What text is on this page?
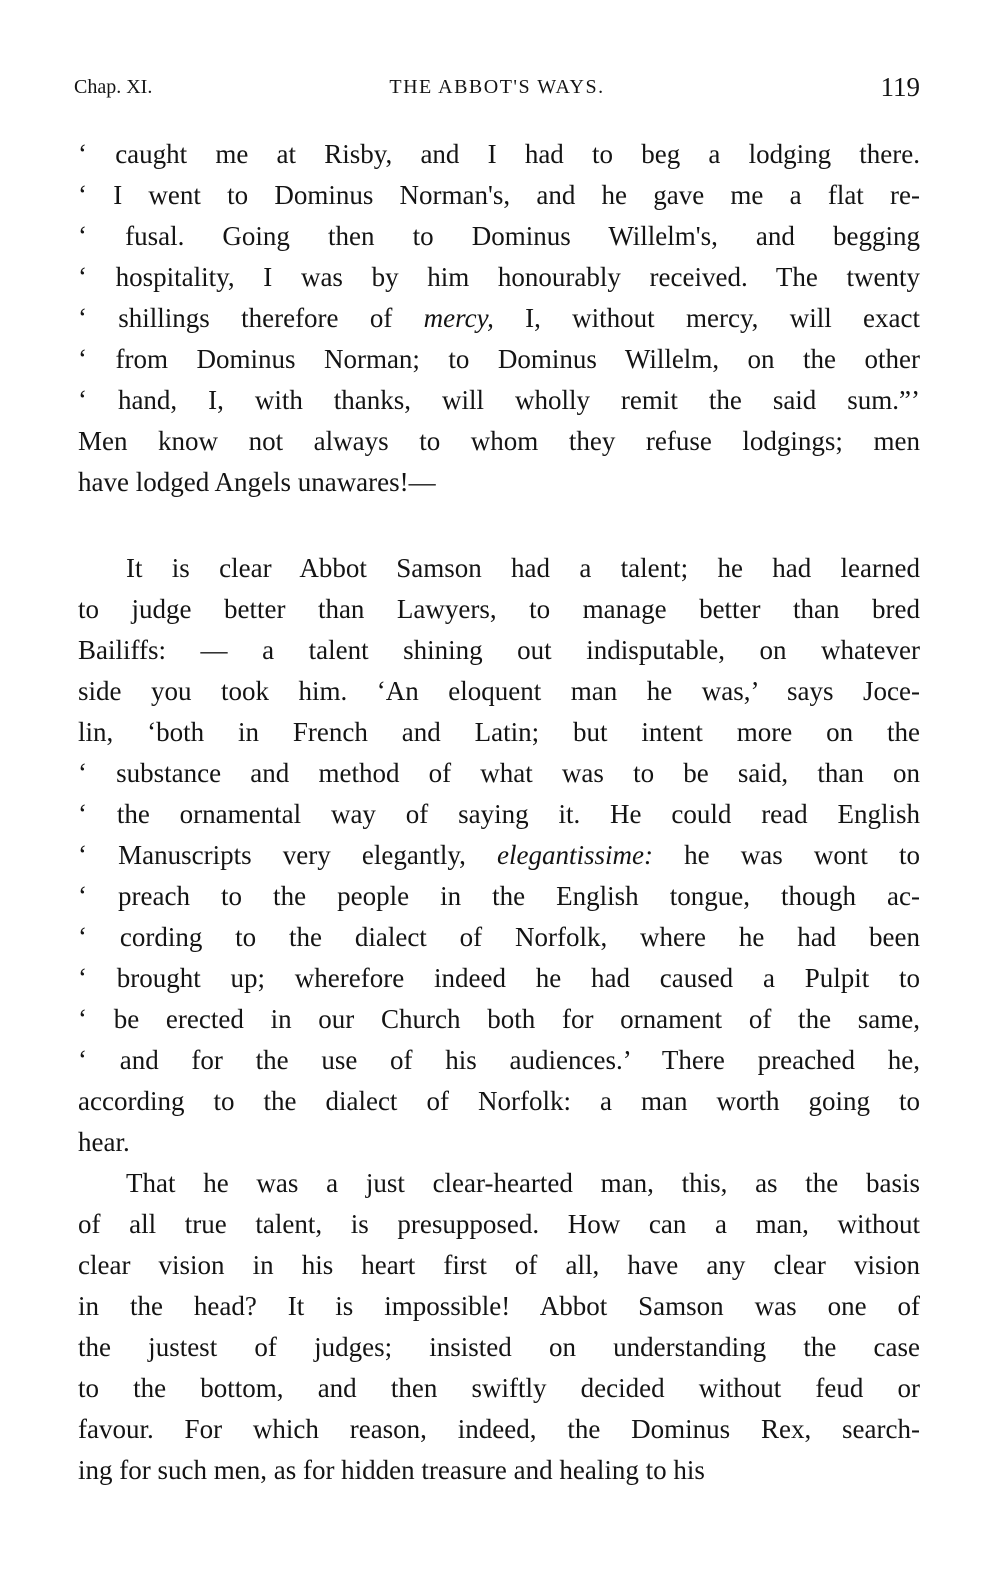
Chap. XI.	THE ABBOT'S WAYS.	119
‘ caught me at Risby, and I had to beg a lodging there.
‘ I went to Dominus Norman's, and he gave me a flat re-
‘ fusal. Going then to Dominus Willelm's, and begging
‘ hospitality, I was by him honourably received. The twenty
‘ shillings therefore of mercy, I, without mercy, will exact
‘ from Dominus Norman; to Dominus Willelm, on the other
‘ hand, I, with thanks, will wholly remit the said sum.”’
Men know not always to whom they refuse lodgings; men
have lodged Angels unawares!—
It is clear Abbot Samson had a talent; he had learned
to judge better than Lawyers, to manage better than bred
Bailiffs: — a talent shining out indisputable, on whatever
side you took him. ‘An eloquent man he was,’ says Joce-
lin, ‘both in French and Latin; but intent more on the
‘ substance and method of what was to be said, than on
‘ the ornamental way of saying it. He could read English
‘ Manuscripts very elegantly, elegantissime: he was wont to
‘ preach to the people in the English tongue, though ac-
‘ cording to the dialect of Norfolk, where he had been
‘ brought up; wherefore indeed he had caused a Pulpit to
‘ be erected in our Church both for ornament of the same,
‘ and for the use of his audiences.’ There preached he,
according to the dialect of Norfolk: a man worth going to
hear.
That he was a just clear-hearted man, this, as the basis
of all true talent, is presupposed. How can a man, without
clear vision in his heart first of all, have any clear vision
in the head? It is impossible! Abbot Samson was one of
the justest of judges; insisted on understanding the case
to the bottom, and then swiftly decided without feud or
favour. For which reason, indeed, the Dominus Rex, search-
ing for such men, as for hidden treasure and healing to his
